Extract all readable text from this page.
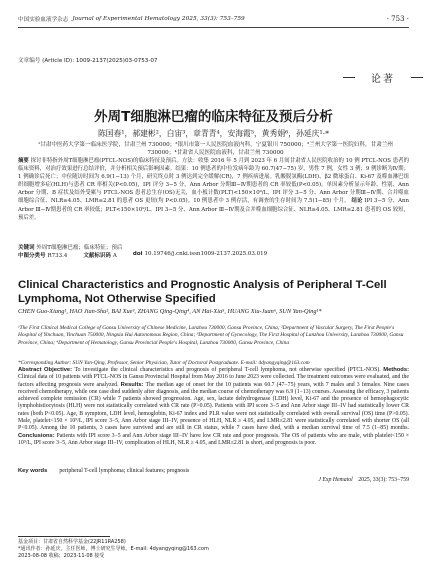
中国实验血液学杂志 Journal of Experimental Hematology 2025, 33(3): 753–759	· 753 ·
文章编号 (Article ID): 1009-2137(2025)03-0753-07
论著
外周T细胞淋巴瘤的临床特征及预后分析
陈国春¹，郝建彬²，白宙³，章青青⁴，安海霞⁵，黄秀娟⁶，孙延庆¹·*
¹甘肃中医药大学第一临床医学院，甘肃兰州 730000；²银川市第一人民医院血液内科，宁夏银川 750000；³兰州大学第一医院妇科，甘肃兰州 730000；⁴甘肃省人民医院血液科，甘肃兰州 730000
摘要 探讨非特指外周T细胞淋巴瘤(PTCL-NOS)的临床特征及预后。方法：收集 2016 年 5 月到 2023 年 6 月间甘肃省人民医院收治的 10 例 PTCL-NOS 患者的临床资料，对治疗效果进行总结评价，并分析相关预后影响因素。结果：10 例患者的中位发病年龄为 60.7(47−75) 岁，男性 7 例，女性 3 例；9 例诊断为Ⅳ期；1 例确诊后死亡；中位随访时间为 6.9(1−13) 个月，研究终点时 3 例达到完全缓解(CR)，7 例疾病进展。乳酸脱氢酶(LDH)、β2 微球蛋白、Ki-67 及噬血淋巴组织细胞增多症(HLH)与患者 CR 率相关(P<0.05)，IPI 评分 3−5 分，Ann Arbor 分期Ⅲ−Ⅳ期患者的 CR 率较低(P<0.05)。单因素分析显示年龄、性别、Ann Arbor 分期、B 症状及结外受累与 PTCL-NOS 患者总生存(OS)无关，血小板计数(PLT)<150×10⁹/L、IPI 评分 3−5 分、Ann Arbor 分期Ⅲ−Ⅳ期、合并噬血细胞综合征、NLR≥4.05、LMR≤2.81 的患者 OS 更短(均 P<0.05)。10 例患者中 3 例存活，有调查的生存时间为 7.5(1−85) 个月。 结论 IPI 3−5 分、Ann Arbor Ⅲ−Ⅳ期患者的 CR 率较低；PLT<150×10⁹/L、IPI 3−5 分、Ann Arbor Ⅲ−Ⅳ期及合并噬血细胞综合征、NLR≥4.05、LMR≤2.81 患者的 OS 较短，预后差。
关键词 外周T细胞淋巴瘤；临床特征；预后
中图分类号 R733.4	文献标识码 A	doi 10.19746/j.cnki.issn1009-2137.2025.03.019
Clinical Characteristics and Prognostic Analysis of Peripheral T-Cell Lymphoma, Not Otherwise Specified
CHEN Guo-Xiang¹, HAO Jian-Shu², BAI Xue³, ZHANG Qing-Qing⁴, AN Hai-Xia⁵, HUANG Xiu-Juan⁶, SUN Yan-Qing¹*
¹The First Clinical Medical College of Gansu University of Chinese Medicine, Lanzhou 730000, Gansu Province, China; ²Department of Vascular Surgery, The First People's Hospital of Yinchuan, Yinchuan 750000, Ningxia Hui Autonomous Region, China; ³Department of Gynecology, The First Hospital of Lanzhou University, Lanzhou 730000, Gansu Province, China; ⁴Department of Hematology, Gansu Provincial People's Hospital, Lanzhou 730000, Gansu Province, China
*Corresponding Author: SUN Yan-Qing, Professor, Senior Physician, Tutor of Doctoral Postgraduate. E-mail: 4dyangyqing@163.com
Abstract Objective: To investigate the clinical characteristics and prognosis of peripheral T-cell lymphoma, not otherwise specified (PTCL-NOS). Methods: Clinical data of 10 patients with PTCL-NOS in Gansu Provincial Hospital from May 2016 to June 2023 were collected. The treatment outcomes were evaluated, and the factors affecting prognosis were analyzed. Results: The median age of onset for the 10 patients was 60.7 (47−75) years, with 7 males and 3 females. Nine cases received chemotherapy, while one case died suddenly after diagnosis, and the median course of chemotherapy was 6.9 (1−13) courses. Assessing the efficacy, 3 patients achieved complete remission (CR) while 7 patients showed progression. Age, sex, lactate dehydrogenase (LDH) level, Ki-67 and the presence of hemophagocytic lymphohistiocytosis (HLH) were not statistically correlated with CR rate (P>0.05). Patients with IPI score 3−5 and Ann Arbor stage III−IV had statistically lower CR rates (both P<0.05). Age, B symptom, LDH level, hemoglobin, Ki-67 index and PLR value were not statistically correlated with overall survival (OS) time (P>0.05). Male, platelet<150 × 10⁹/L, IPI score 3−5, Ann Arbor stage III−IV, presence of HLH, NLR ≥ 4.05, and LMR≤2.81 were statistically correlated with shorter OS (all P<0.05). Among the 10 patients, 3 cases have survived and are still in CR status, while 7 cases have died, with a median survival time of 7.5 (1−85) months. Conclusions: Patients with IPI score 3−5 and Ann Arbor stage III−IV have low CR rate and poor prognosis. The OS of patients who are male, with platelet<150 × 10⁹/L, IPI score 3−5, Ann Arbor stage III−IV, complication of HLH, NLR ≥ 4.05, and LMR≤2.81 is short, and prognosis is poor.
Key words peripheral T-cell lymphoma; clinical features; prognosis
J Exp Hematol 2025, 33(3): 753−759
基金项目：甘肃省自然科学基金(22JR11RA258)
*通讯作者：孙延庆，主任医师，博士研究生导师。E-mail: 4dyangyqing@163.com
2023-08-08 收稿；2023-11-08 接受
